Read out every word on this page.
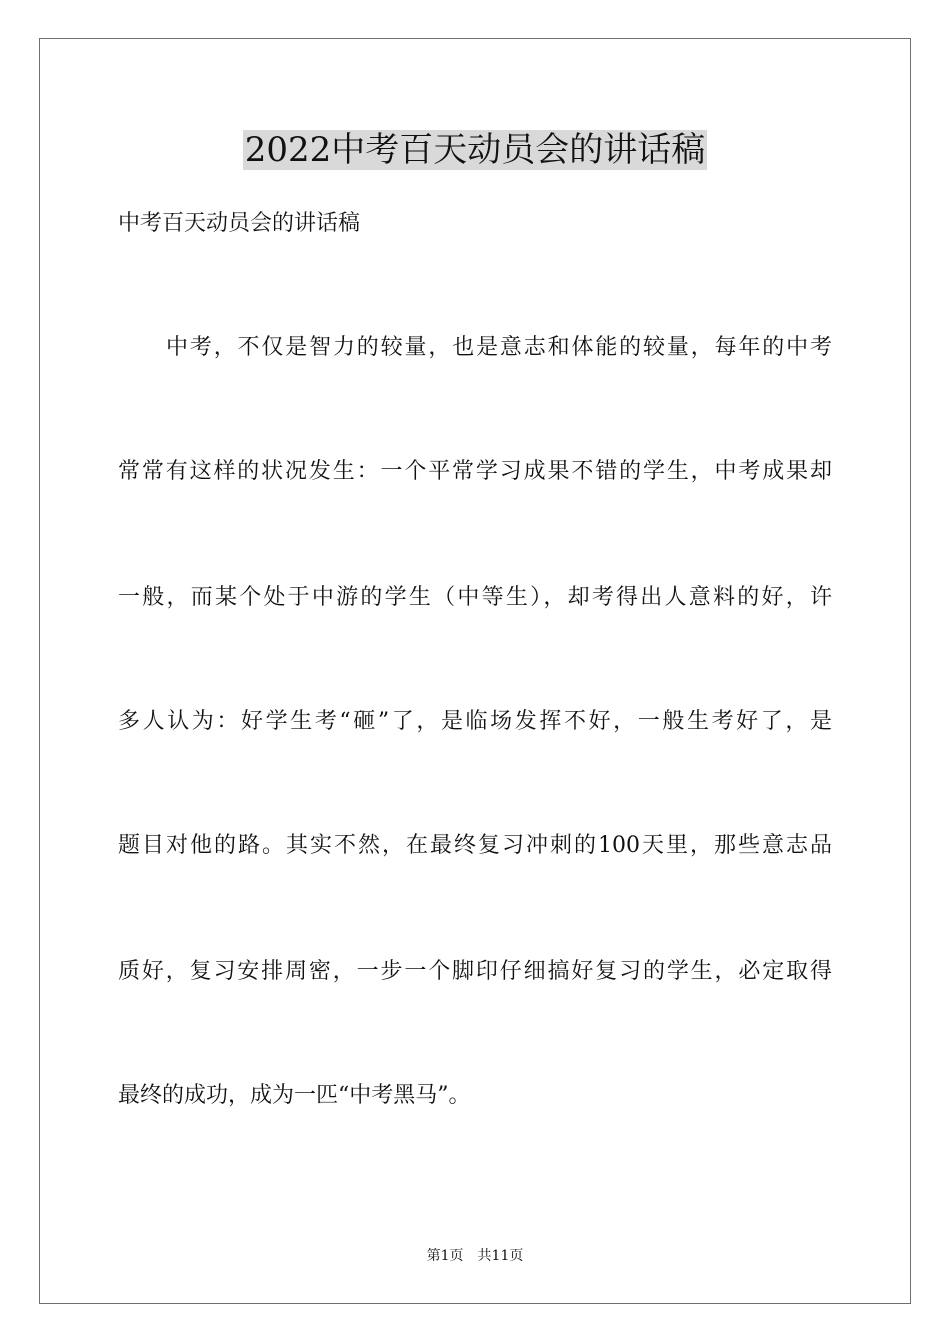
2022中考百天动员会的讲话稿

中考百天动员会的讲话稿

中考，不仅是智力的较量，也是意志和体能的较量，每年的中考

常常有这样的状况发生：一个平常学习成果不错的学生，中考成果却

一般，而某个处于中游的学生（中等生），却考得出人意料的好，许

多人认为：好学生考“砸”了，是临场发挥不好，一般生考好了，是

题目对他的路。其实不然，在最终复习冲刺的100天里，那些意志品

质好，复习安排周密，一步一个脚印仔细搞好复习的学生，必定取得

最终的成功，成为一匹“中考黑马”。

第1页　共11页
